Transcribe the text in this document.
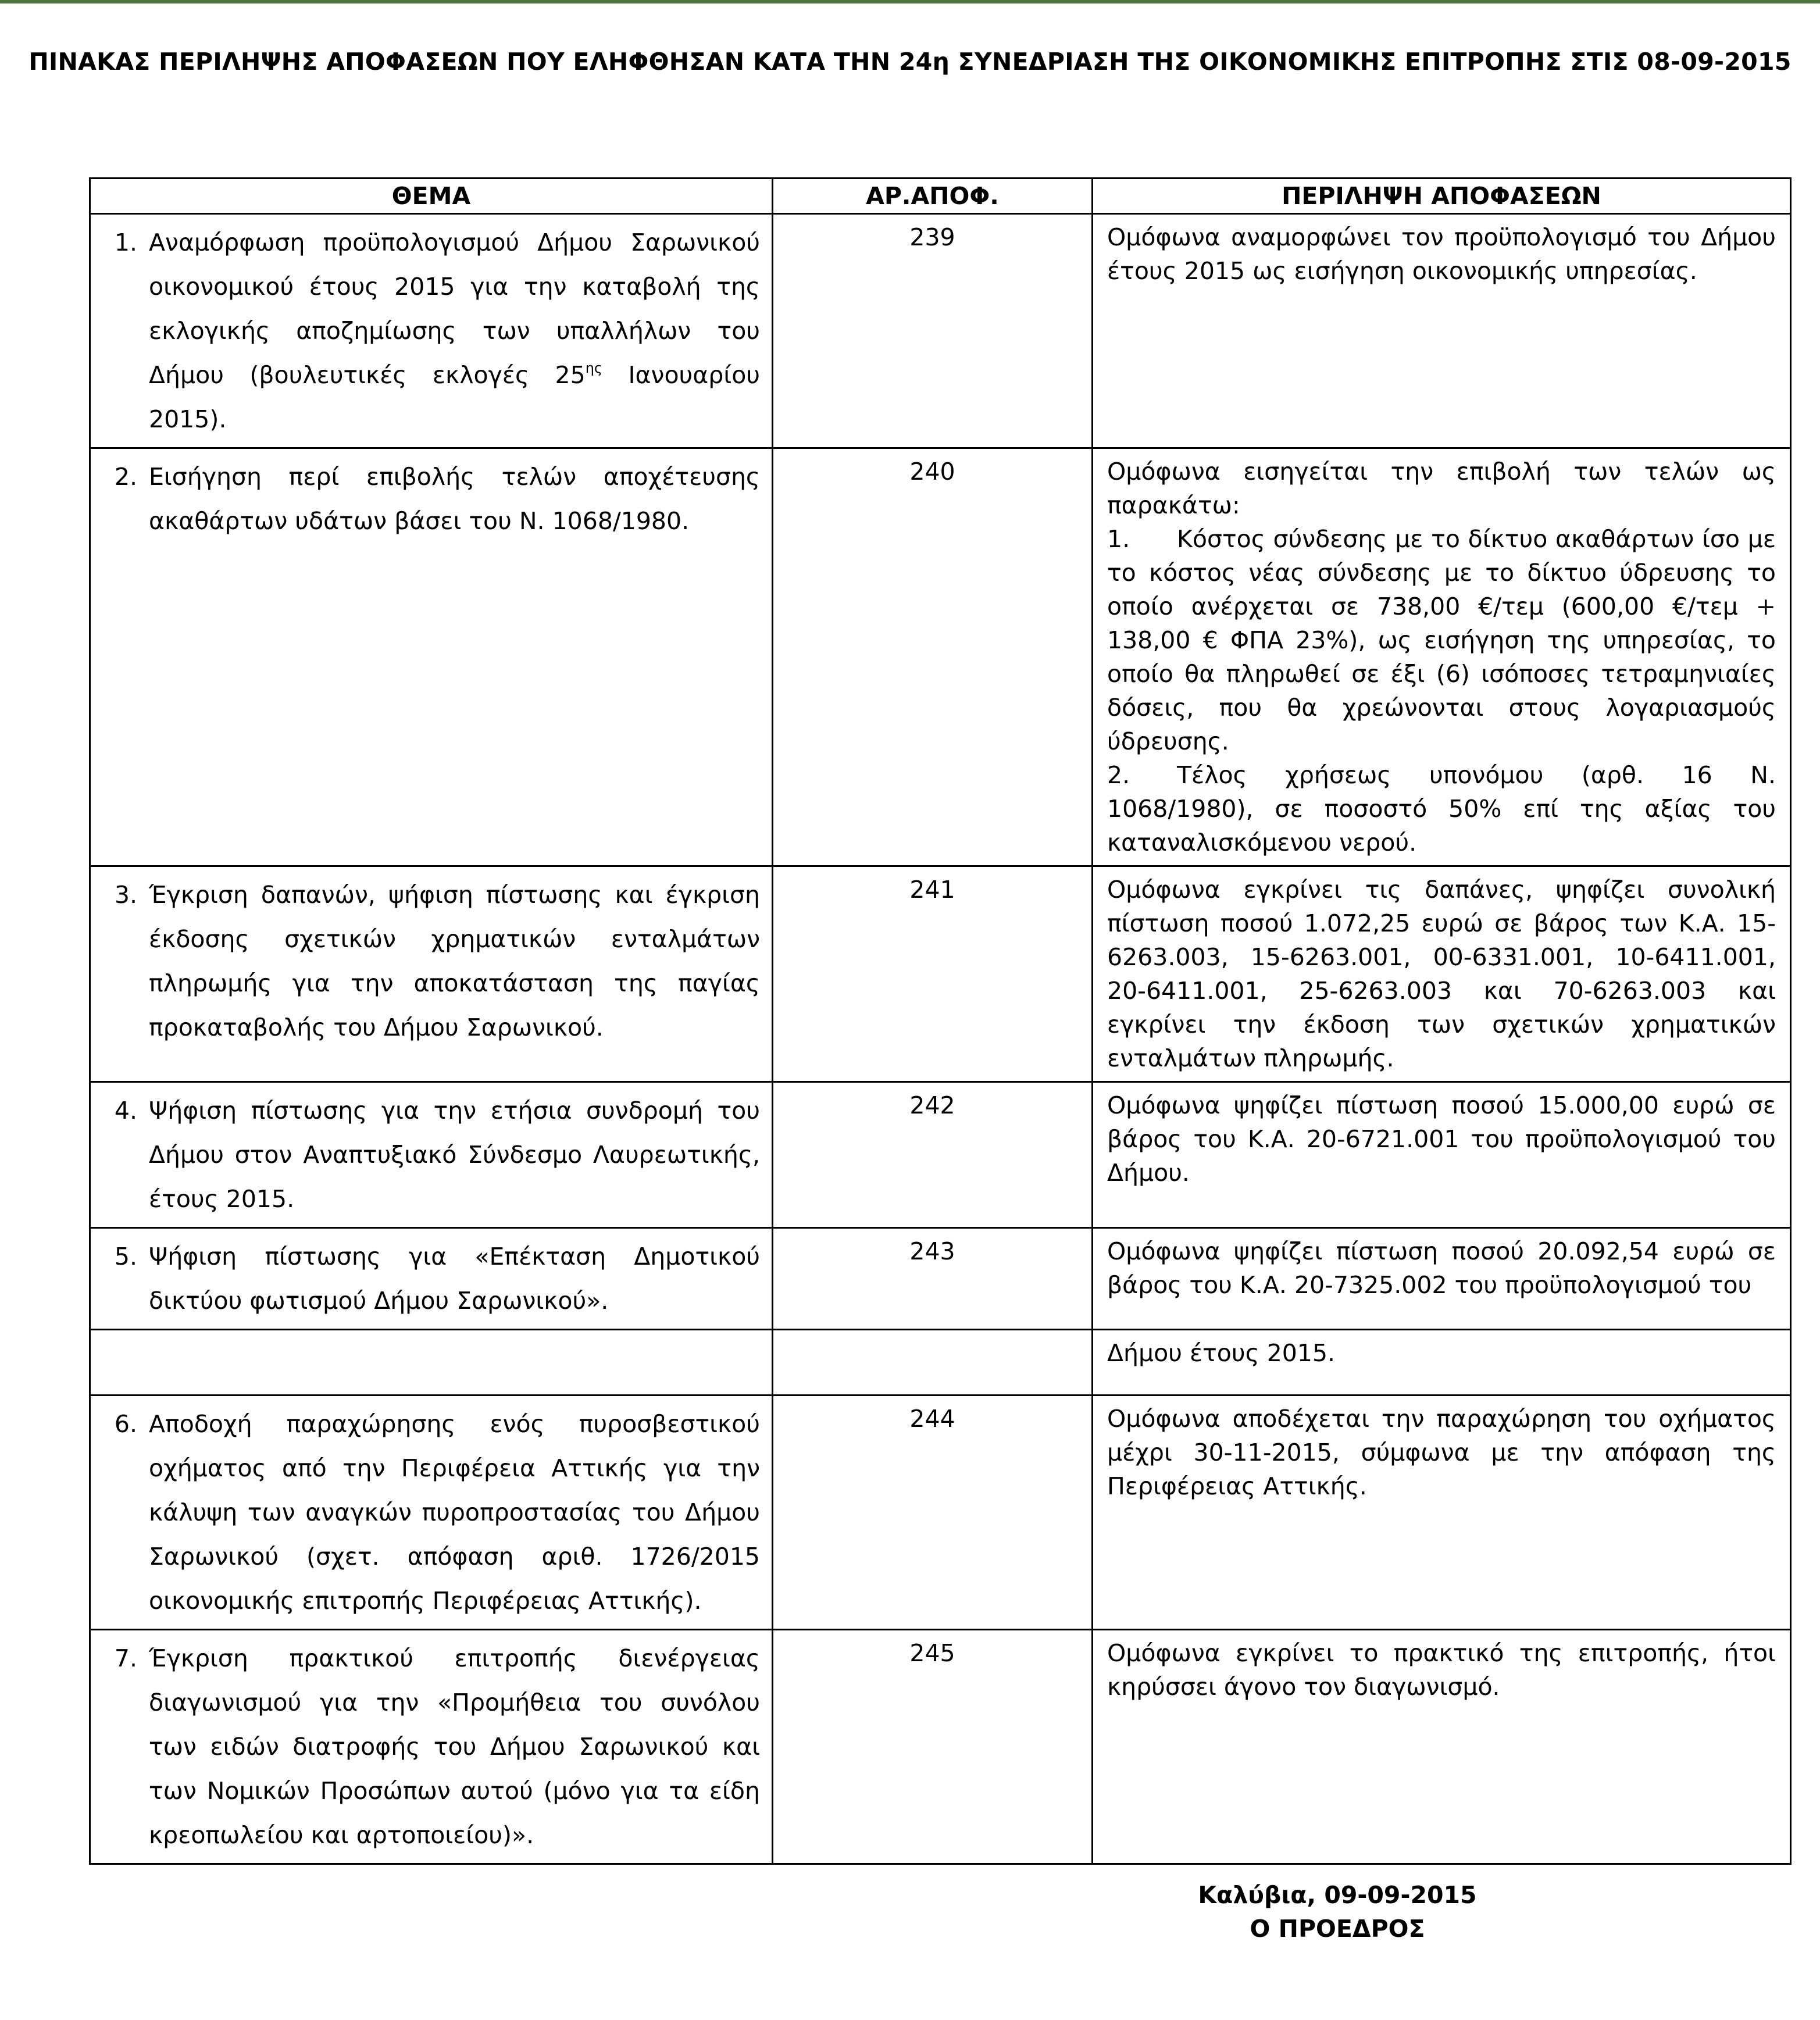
ΠΙΝΑΚΑΣ ΠΕΡΙΛΗΨΗΣ ΑΠΟΦΑΣΕΩΝ ΠΟΥ ΕΛΗΦΘΗΣΑΝ ΚΑΤΑ ΤΗΝ 24η ΣΥΝΕΔΡΙΑΣΗ ΤΗΣ ΟΙΚΟΝΟΜΙΚΗΣ ΕΠΙΤΡΟΠΗΣ ΣΤΙΣ 08-09-2015
ΘΕΜΑ	ΑΡ.ΑΠΟΦ.	ΠΕΡΙΛΗΨΗ ΑΠΟΦΑΣΕΩΝ

1. Αναμόρφωση προϋπολογισμού Δήμου Σαρωνικού οικονομικού έτους 2015 για την καταβολή της εκλογικής αποζημίωσης των υπαλλήλων του Δήμου (βουλευτικές εκλογές $25^{\eta\varsigma}$ Ιανουαρίου 2015).	239	Ομόφωνα αναμορφώνει τον προϋπολογισμό του Δήμου έτους 2015 ως εισήγηση οικονομικής υπηρεσίας.

2. Εισήγηση περί επιβολής τελών αποχέτευσης ακαθάρτων υδάτων βάσει του Ν. 1068/1980.	240	Ομόφωνα εισηγείται την επιβολή των τελών ως παρακάτω:
1. Κόστος σύνδεσης με το δίκτυο ακαθάρτων ίσο με το κόστος νέας σύνδεσης με το δίκτυο ύδρευσης το οποίο ανέρχεται σε 738,00 €/τεμ (600,00 €/τεμ + 138,00 € ΦΠΑ 23%), ως εισήγηση της υπηρεσίας, το οποίο θα πληρωθεί σε έξι (6) ισόποσες τετραμηνιαίες δόσεις, που θα χρεώνονται στους λογαριασμούς ύδρευσης.
2. Τέλος χρήσεως υπονόμου (αρθ. 16 Ν. 1068/1980), σε ποσοστό 50% επί της αξίας του καταναλισκόμενου νερού.

3. Έγκριση δαπανών, ψήφιση πίστωσης και έγκριση έκδοσης σχετικών χρηματικών ενταλμάτων πληρωμής για την αποκατάσταση της παγίας προκαταβολής του Δήμου Σαρωνικού.	241	Ομόφωνα εγκρίνει τις δαπάνες, ψηφίζει συνολική πίστωση ποσού 1.072,25 ευρώ σε βάρος των Κ.Α. 15-6263.003, 15-6263.001, 00-6331.001, 10-6411.001, 20-6411.001, 25-6263.003 και 70-6263.003 και εγκρίνει την έκδοση των σχετικών χρηματικών ενταλμάτων πληρωμής.

4. Ψήφιση πίστωσης για την ετήσια συνδρομή του Δήμου στον Αναπτυξιακό Σύνδεσμο Λαυρεωτικής, έτους 2015.	242	Ομόφωνα ψηφίζει πίστωση ποσού 15.000,00 ευρώ σε βάρος του Κ.Α. 20-6721.001 του προϋπολογισμού του Δήμου.

5. Ψήφιση πίστωσης για «Επέκταση Δημοτικού δικτύου φωτισμού Δήμου Σαρωνικού».	243	Ομόφωνα ψηφίζει πίστωση ποσού 20.092,54 ευρώ σε βάρος του Κ.Α. 20-7325.002 του προϋπολογισμού του
		Δήμου έτους 2015.

6. Αποδοχή παραχώρησης ενός πυροσβεστικού οχήματος από την Περιφέρεια Αττικής για την κάλυψη των αναγκών πυροπροστασίας του Δήμου Σαρωνικού (σχετ. απόφαση αριθ. 1726/2015 οικονομικής επιτροπής Περιφέρειας Αττικής).	244	Ομόφωνα αποδέχεται την παραχώρηση του οχήματος μέχρι 30-11-2015, σύμφωνα με την απόφαση της Περιφέρειας Αττικής.

7. Έγκριση πρακτικού επιτροπής διενέργειας διαγωνισμού για την «Προμήθεια του συνόλου των ειδών διατροφής του Δήμου Σαρωνικού και των Νομικών Προσώπων αυτού (μόνο για τα είδη κρεοπωλείου και αρτοποιείου)».	245	Ομόφωνα εγκρίνει το πρακτικό της επιτροπής, ήτοι κηρύσσει άγονο τον διαγωνισμό.
Καλύβια, 09-09-2015
Ο ΠΡΟΕΔΡΟΣ
